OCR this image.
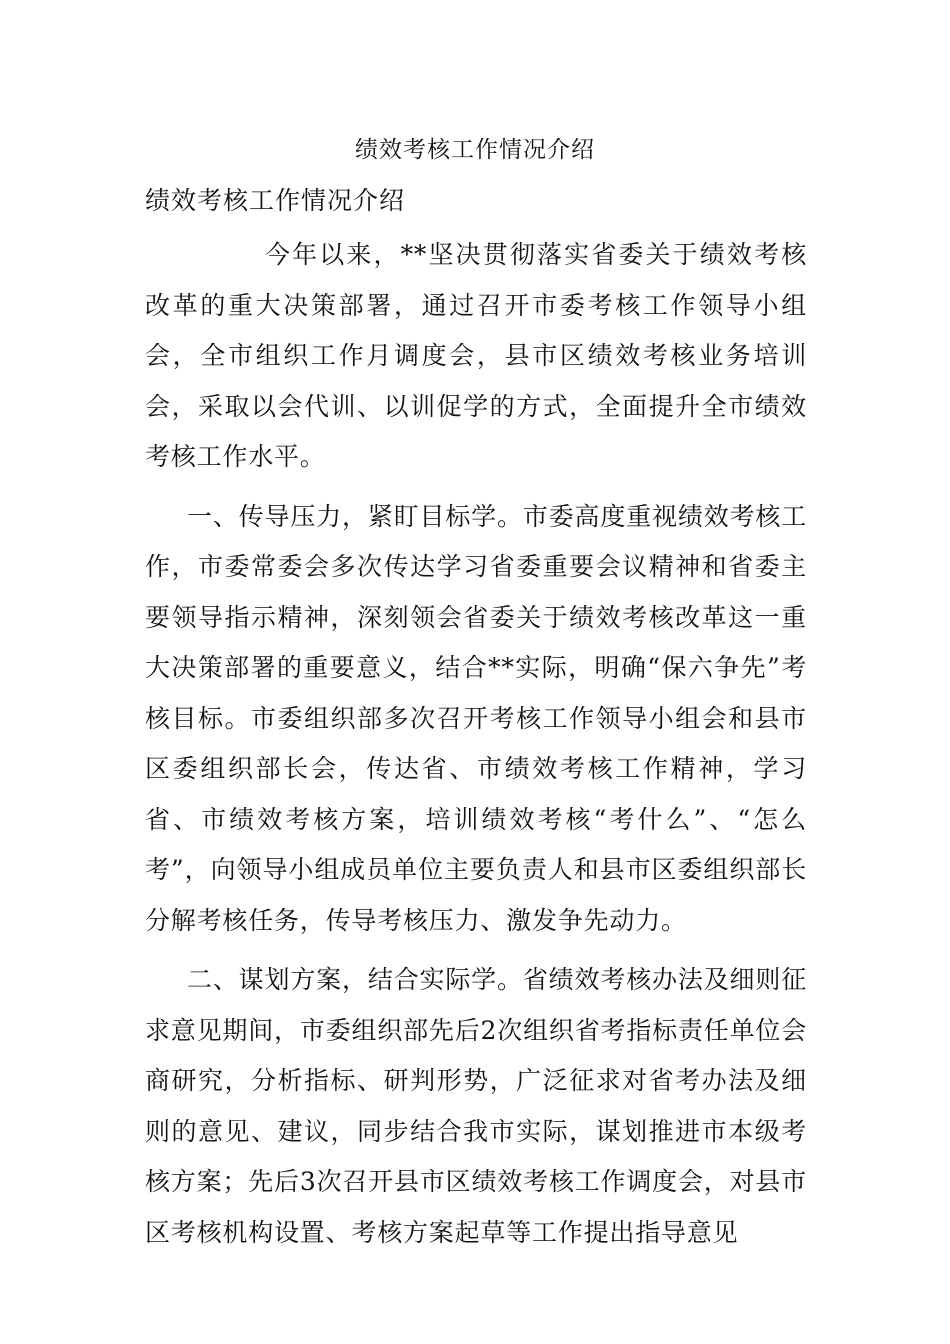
绩效考核工作情况介绍
绩效考核工作情况介绍

今年以来，**坚决贯彻落实省委关于绩效考核改革的重大决策部署，通过召开市委考核工作领导小组会，全市组织工作月调度会，县市区绩效考核业务培训会，采取以会代训、以训促学的方式，全面提升全市绩效考核工作水平。

一、传导压力，紧盯目标学。市委高度重视绩效考核工作，市委常委会多次传达学习省委重要会议精神和省委主要领导指示精神，深刻领会省委关于绩效考核改革这一重大决策部署的重要意义，结合**实际，明确“保六争先”考核目标。市委组织部多次召开考核工作领导小组会和县市区委组织部长会，传达省、市绩效考核工作精神，学习省、市绩效考核方案，培训绩效考核“考什么”、“怎么考”，向领导小组成员单位主要负责人和县市区委组织部长分解考核任务，传导考核压力、激发争先动力。

二、谋划方案，结合实际学。省绩效考核办法及细则征求意见期间，市委组织部先后2次组织省考指标责任单位会商研究，分析指标、研判形势，广泛征求对省考办法及细则的意见、建议，同步结合我市实际，谋划推进市本级考核方案；先后3次召开县市区绩效考核工作调度会，对县市区考核机构设置、考核方案起草等工作提出指导意见
